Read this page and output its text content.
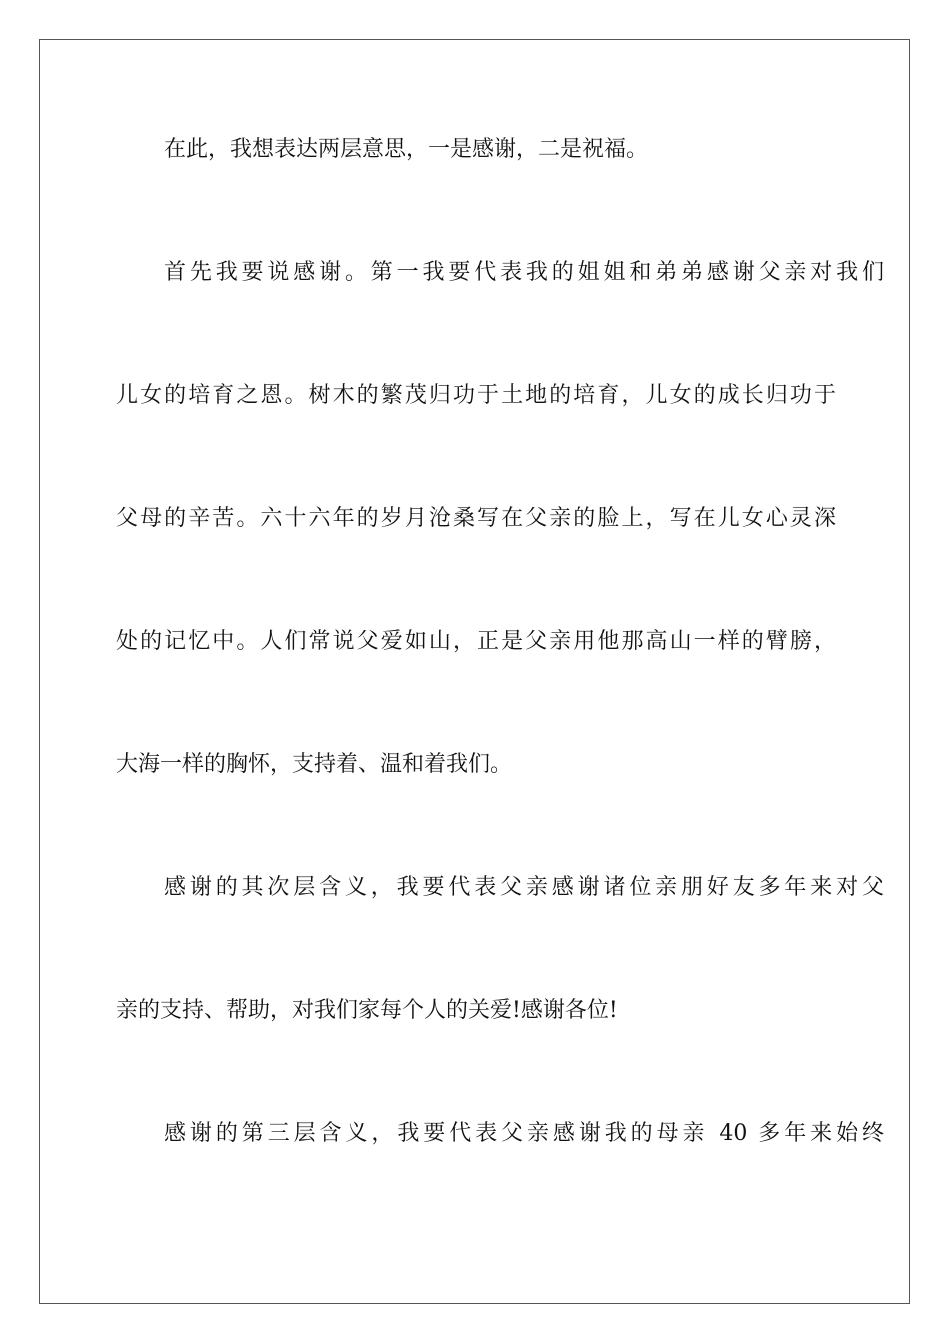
在此，我想表达两层意思，一是感谢，二是祝福。
首先我要说感谢。第一我要代表我的姐姐和弟弟感谢父亲对我们
儿女的培育之恩。树木的繁茂归功于土地的培育，儿女的成长归功于
父母的辛苦。六十六年的岁月沧桑写在父亲的脸上，写在儿女心灵深
处的记忆中。人们常说父爱如山，正是父亲用他那高山一样的臂膀，
大海一样的胸怀，支持着、温和着我们。
感谢的其次层含义，我要代表父亲感谢诸位亲朋好友多年来对父
亲的支持、帮助，对我们家每个人的关爱!感谢各位!
感谢的第三层含义，我要代表父亲感谢我的母亲 40 多年来始终
